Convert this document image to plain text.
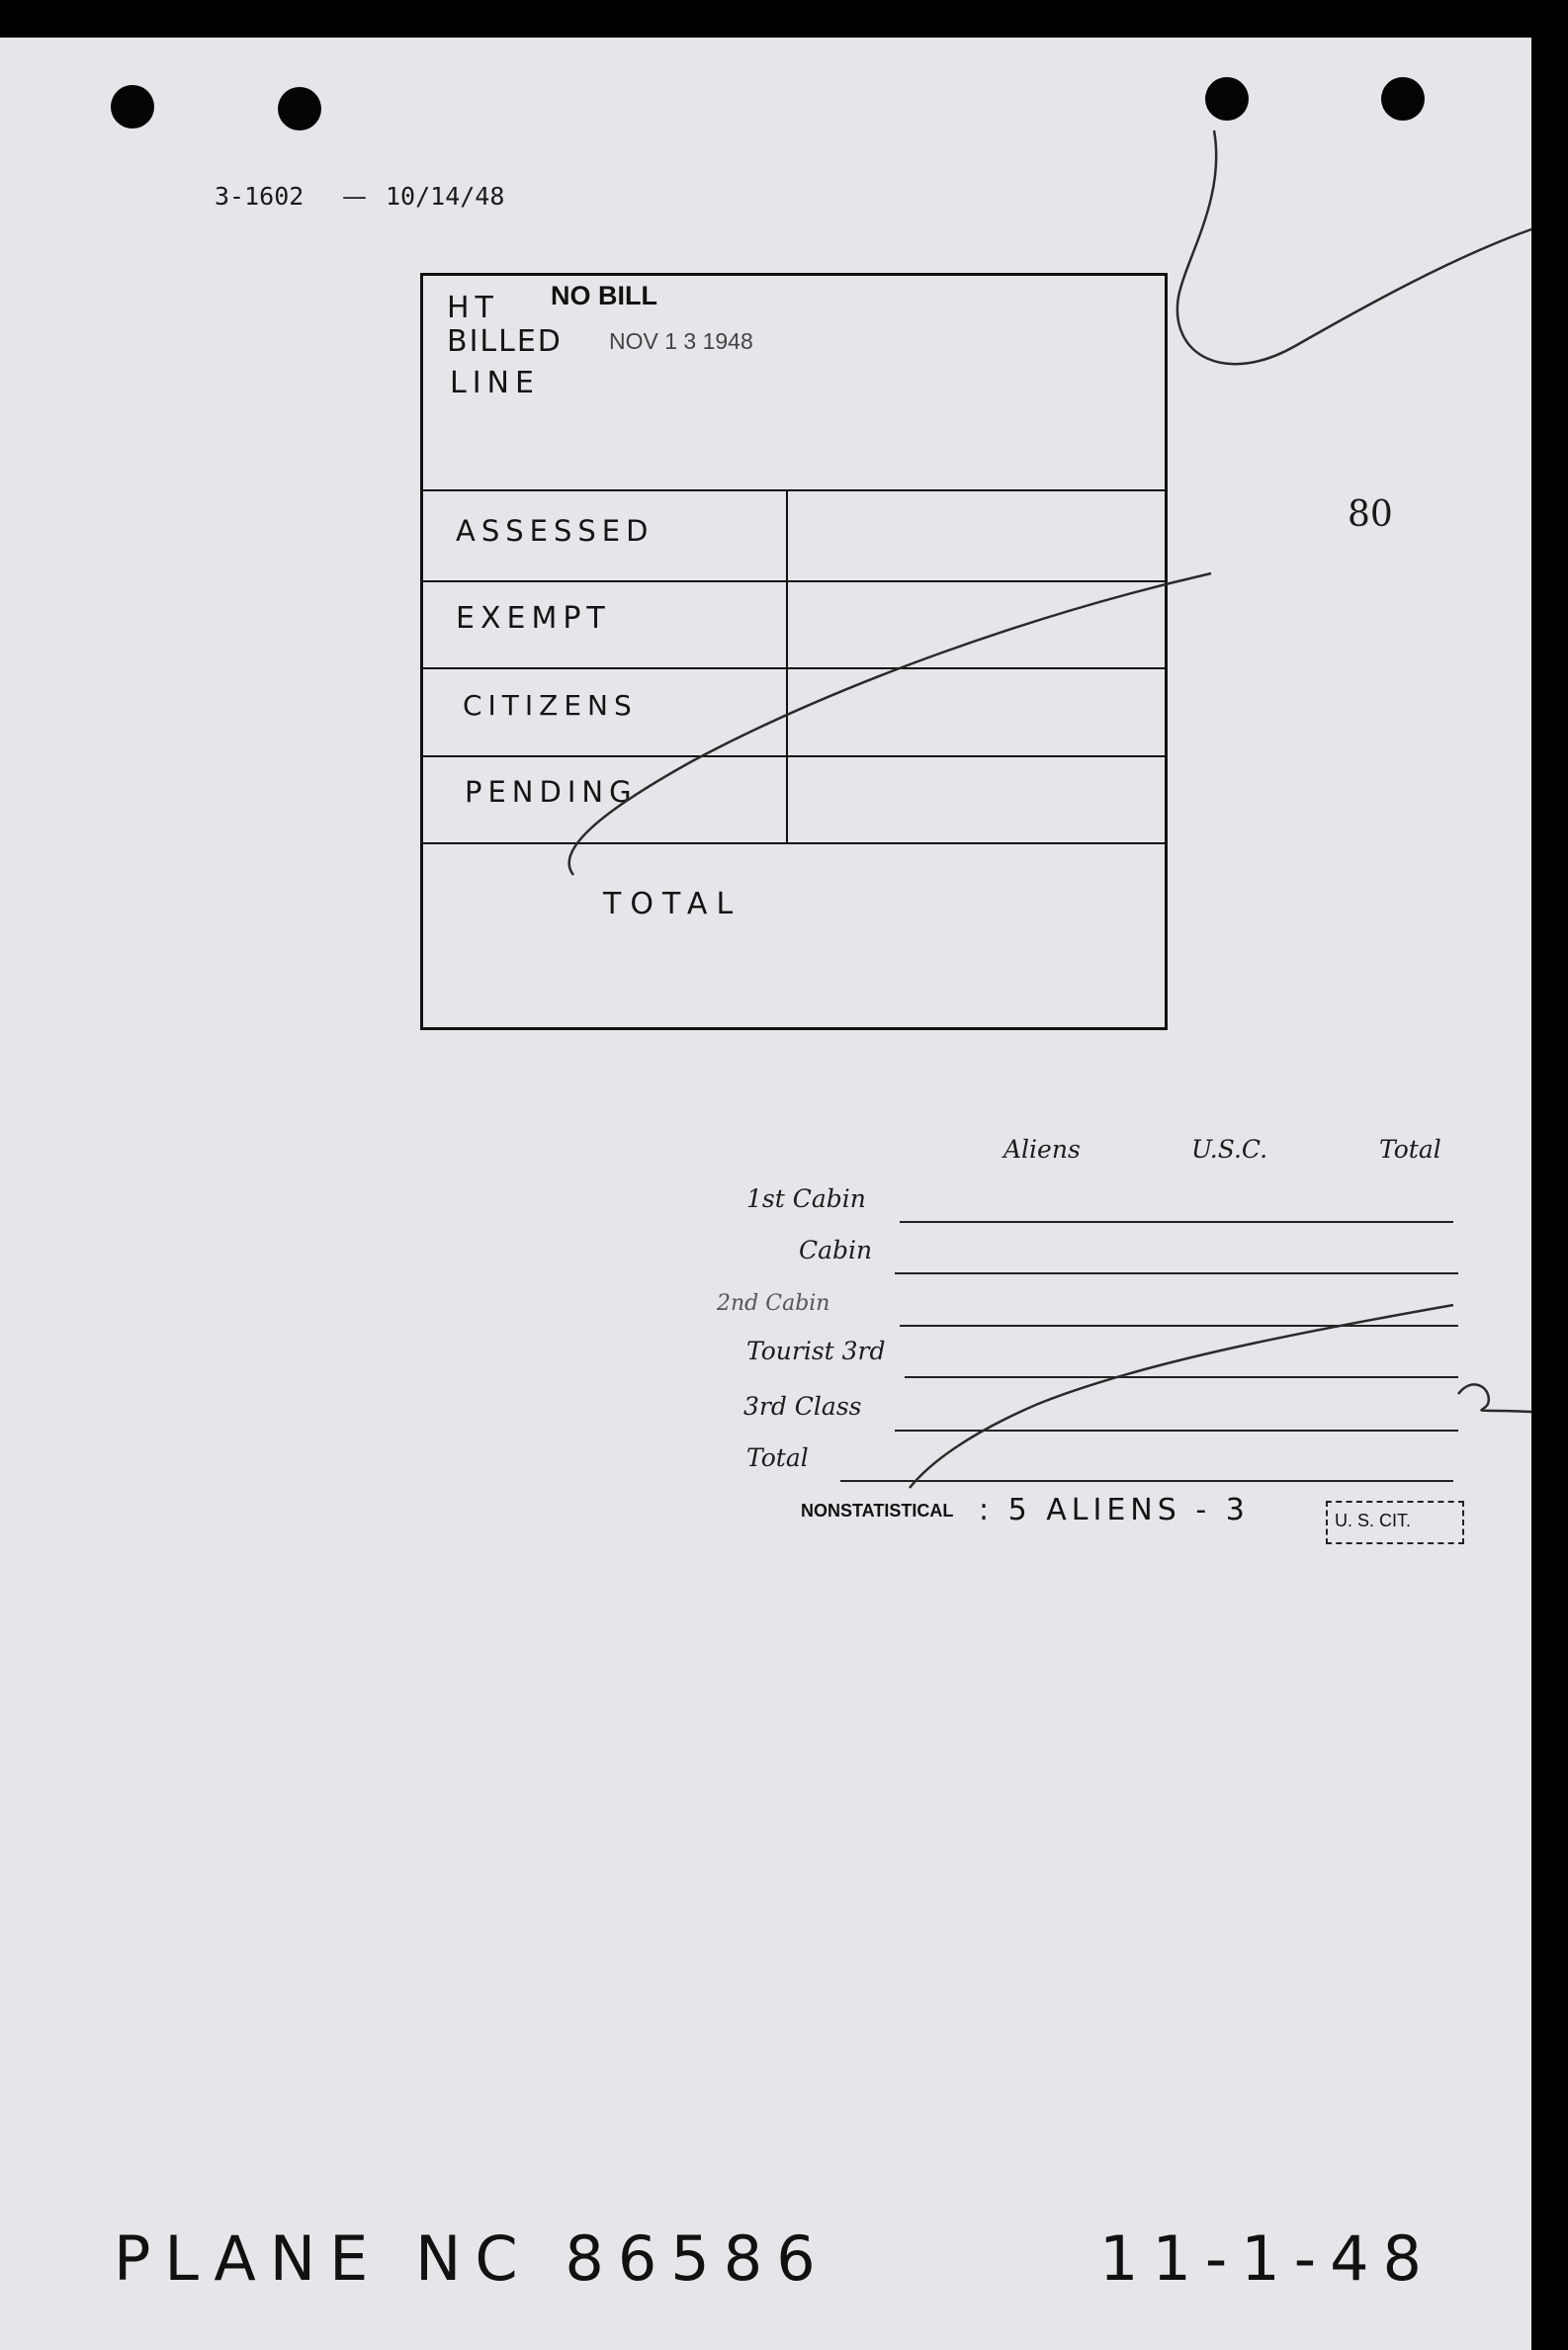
3-1602 — 10/14/48
HT NO BILL
BILLED NOV 1 3 1948
LINE
ASSESSED
EXEMPT
CITIZENS
PENDING
TOTAL
80
Aliens	U.S.C.	Total
1st Cabin
Cabin
2nd Cabin
Tourist 3rd
3rd Class
Total
NONSTATISTICAL : 5 ALIENS - 3	U. S. CIT.
PLANE NC 86586	11-1-48
